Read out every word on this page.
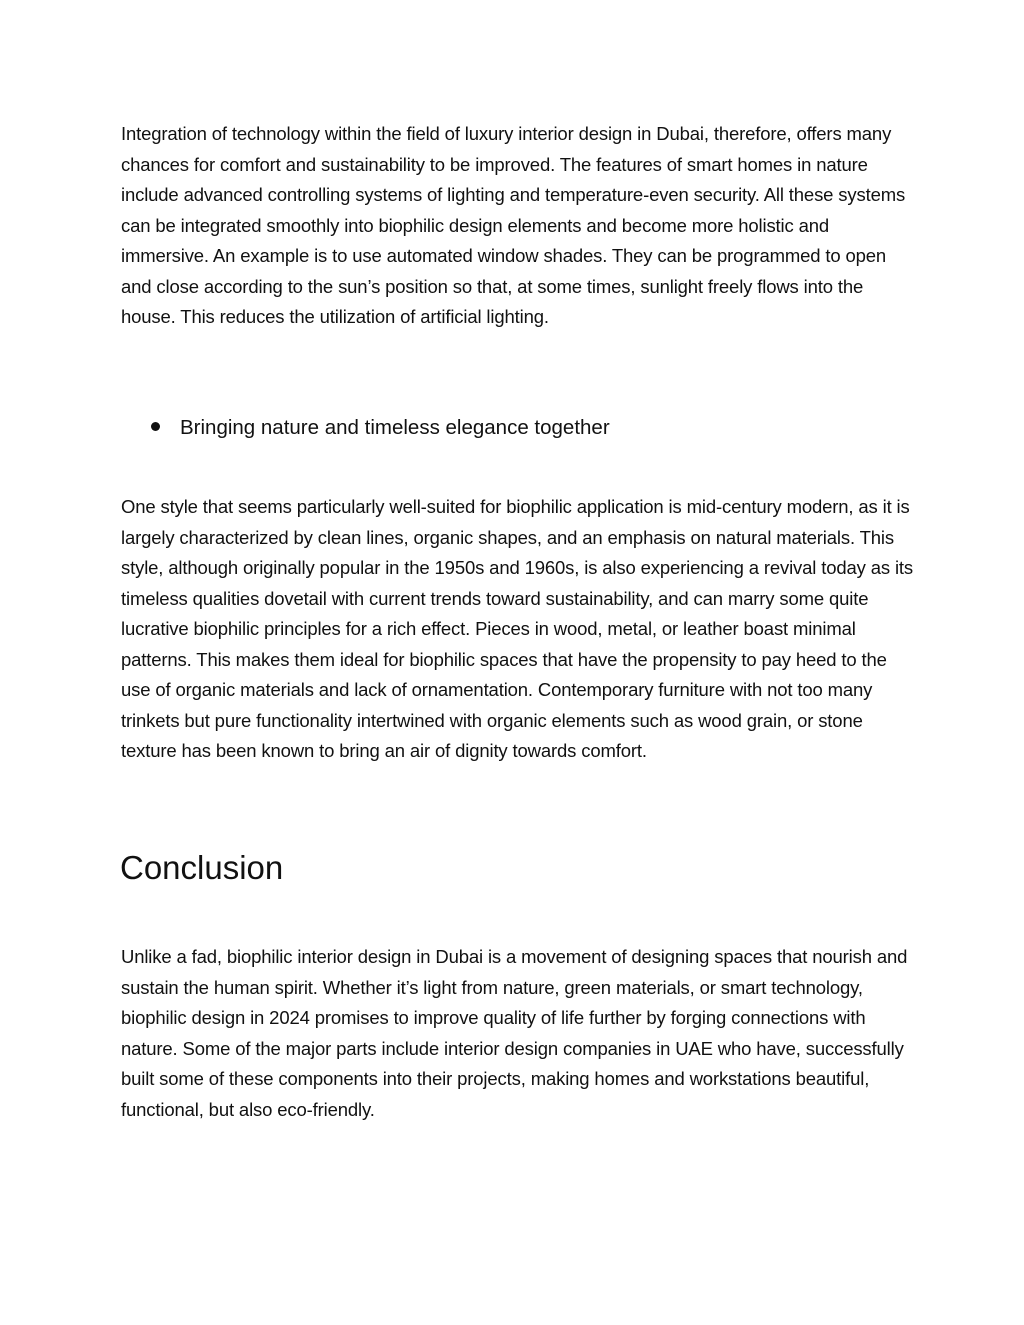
Integration of technology within the field of luxury interior design in Dubai, therefore, offers many chances for comfort and sustainability to be improved. The features of smart homes in nature include advanced controlling systems of lighting and temperature-even security. All these systems can be integrated smoothly into biophilic design elements and become more holistic and immersive. An example is to use automated window shades. They can be programmed to open and close according to the sun’s position so that, at some times, sunlight freely flows into the house. This reduces the utilization of artificial lighting.

Bringing nature and timeless elegance together

One style that seems particularly well-suited for biophilic application is mid-century modern, as it is largely characterized by clean lines, organic shapes, and an emphasis on natural materials. This style, although originally popular in the 1950s and 1960s, is also experiencing a revival today as its timeless qualities dovetail with current trends toward sustainability, and can marry some quite lucrative biophilic principles for a rich effect. Pieces in wood, metal, or leather boast minimal patterns. This makes them ideal for biophilic spaces that have the propensity to pay heed to the use of organic materials and lack of ornamentation. Contemporary furniture with not too many trinkets but pure functionality intertwined with organic elements such as wood grain, or stone texture has been known to bring an air of dignity towards comfort.

Conclusion

Unlike a fad, biophilic interior design in Dubai is a movement of designing spaces that nourish and sustain the human spirit. Whether it’s light from nature, green materials, or smart technology, biophilic design in 2024 promises to improve quality of life further by forging connections with nature. Some of the major parts include interior design companies in UAE who have, successfully built some of these components into their projects, making homes and workstations beautiful, functional, but also eco-friendly.
